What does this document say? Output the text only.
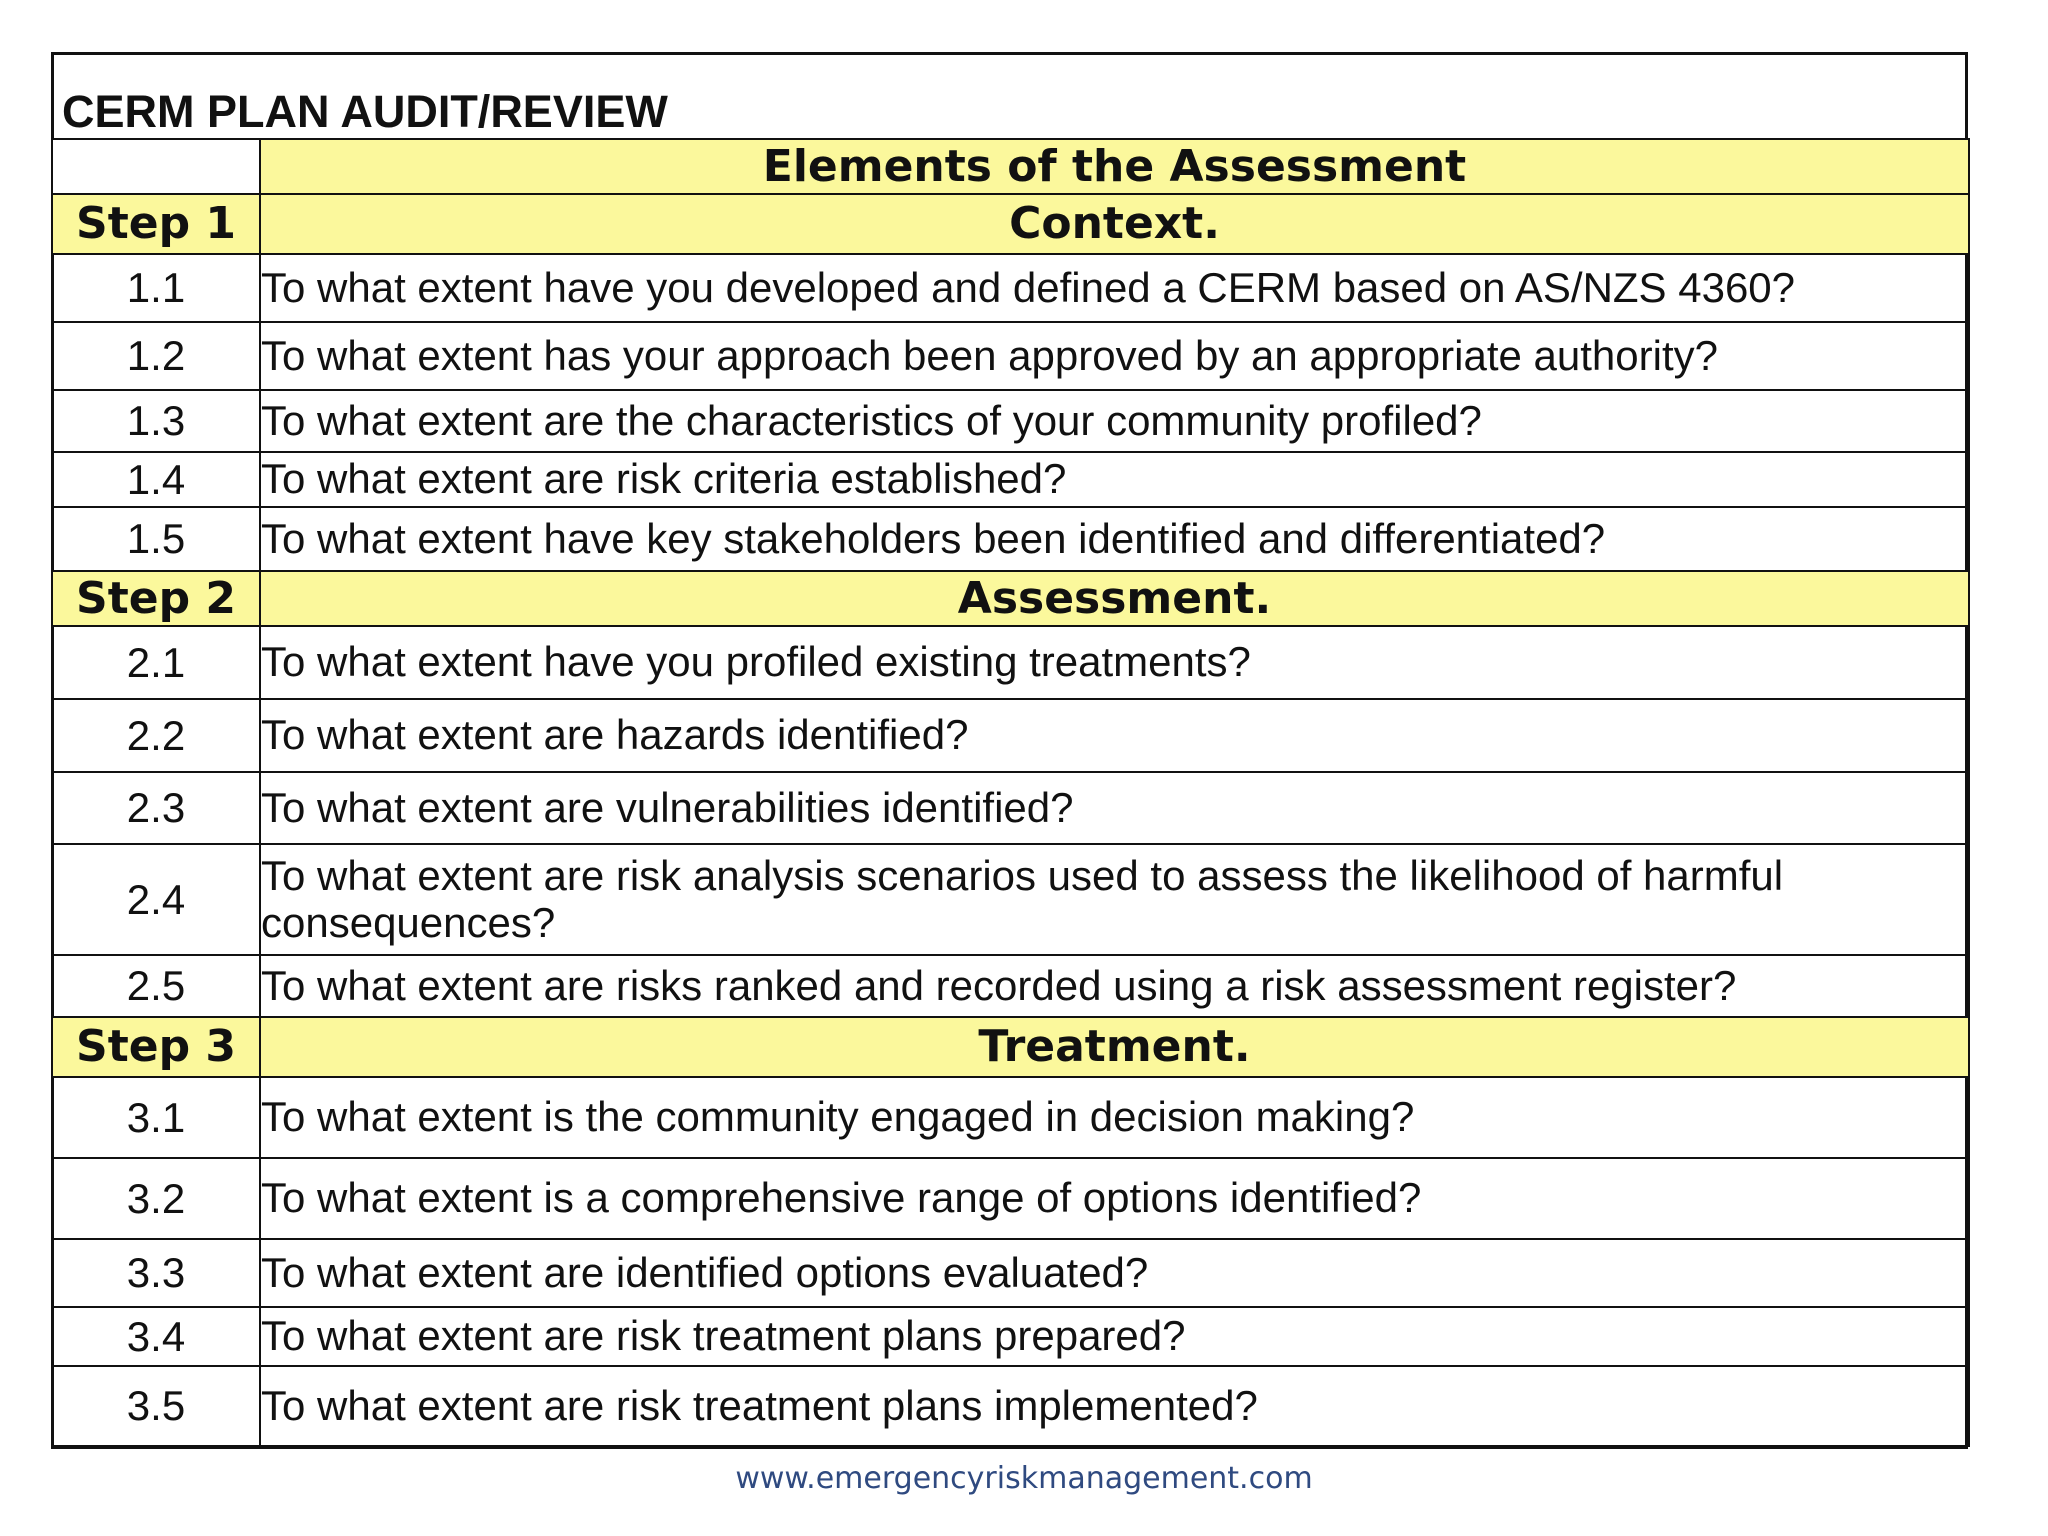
CERM PLAN AUDIT/REVIEW
	Elements of the Assessment
Step 1	Context.
1.1	To what extent have you developed and defined a CERM based on AS/NZS 4360?
1.2	To what extent has your approach been approved by an appropriate authority?
1.3	To what extent are the characteristics of your community profiled?
1.4	To what extent are risk criteria established?
1.5	To what extent have key stakeholders been identified and differentiated?
Step 2	Assessment.
2.1	To what extent have you profiled existing treatments?
2.2	To what extent are hazards identified?
2.3	To what extent are vulnerabilities identified?
2.4	To what extent are risk analysis scenarios used to assess the likelihood of harmful consequences?
2.5	To what extent are risks ranked and recorded using a risk assessment register?
Step 3	Treatment.
3.1	To what extent is the community engaged in decision making?
3.2	To what extent is a comprehensive range of options identified?
3.3	To what extent are identified options evaluated?
3.4	To what extent are risk treatment plans prepared?
3.5	To what extent are risk treatment plans implemented?
www.emergencyriskmanagement.com
